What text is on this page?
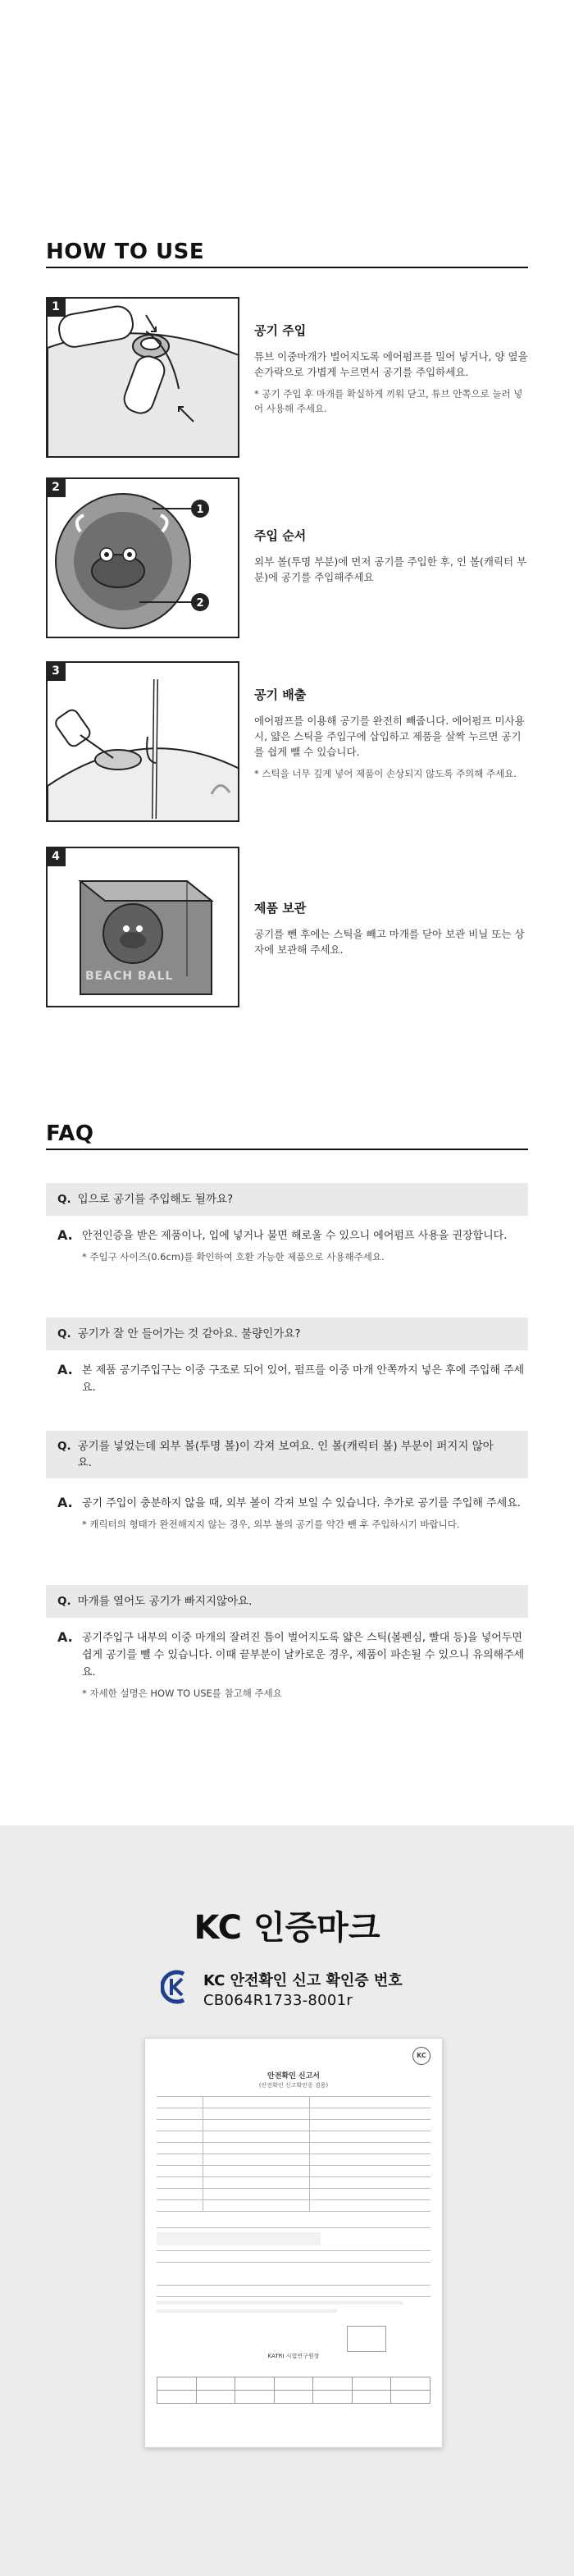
HOW TO USE
1
공기 주입
튜브 이중마개가 벌어지도록 에어펌프를 밀어 넣거나, 양 옆을 손가락으로 가볍게 누르면서 공기를 주입하세요.
* 공기 주입 후 마개를 확실하게 끼워 닫고, 튜브 안쪽으로 눌러 넣어 사용해 주세요.
1
2
2
주입 순서
외부 볼(투명 부분)에 먼저 공기를 주입한 후, 인 볼(캐릭터 부분)에 공기를 주입해주세요
3
공기 배출
에어펌프를 이용해 공기를 완전히 빼줍니다. 에어펌프 미사용 시, 얇은 스틱을 주입구에 삽입하고 제품을 살짝 누르면 공기를 쉽게 뺄 수 있습니다.
* 스틱을 너무 깊게 넣어 제품이 손상되지 않도록 주의해 주세요.
BEACH BALL
4
제품 보관
공기를 뺀 후에는 스틱을 빼고 마개를 닫아 보관 비닐 또는 상자에 보관해 주세요.
FAQ
Q. 입으로 공기를 주입해도 될까요?
A. 안전인증을 받은 제품이나, 입에 넣거나 불면 해로울 수 있으니 에어펌프 사용을 권장합니다.
* 주입구 사이즈(0.6cm)를 확인하여 호환 가능한 제품으로 사용해주세요.
Q. 공기가 잘 안 들어가는 것 같아요. 불량인가요?
A. 본 제품 공기주입구는 이중 구조로 되어 있어, 펌프를 이중 마개 안쪽까지 넣은 후에 주입해 주세요.
Q. 공기를 넣었는데 외부 볼(투명 볼)이 각져 보여요. 인 볼(캐릭터 볼) 부분이 퍼지지 않아요.
A. 공기 주입이 충분하지 않을 때, 외부 볼이 각져 보일 수 있습니다. 추가로 공기를 주입해 주세요.
* 캐릭터의 형태가 완전해지지 않는 경우, 외부 볼의 공기를 약간 뺀 후 주입하시기 바랍니다.
Q. 마개를 열어도 공기가 빠지지않아요.
A. 공기주입구 내부의 이중 마개의 잘려진 틈이 벌어지도록 얇은 스틱(볼펜심, 빨대 등)을 넣어두면 쉽게 공기를 뺄 수 있습니다. 이때 끝부분이 날카로운 경우, 제품이 파손될 수 있으니 유의해주세요.
* 자세한 설명은 HOW TO USE를 참고해 주세요
KC 인증마크
KC 안전확인 신고 확인증 번호
CB064R1733-8001r
KC
안전확인 신고서
(안전확인 신고확인증 겸용)
KATRI 시험연구원장
